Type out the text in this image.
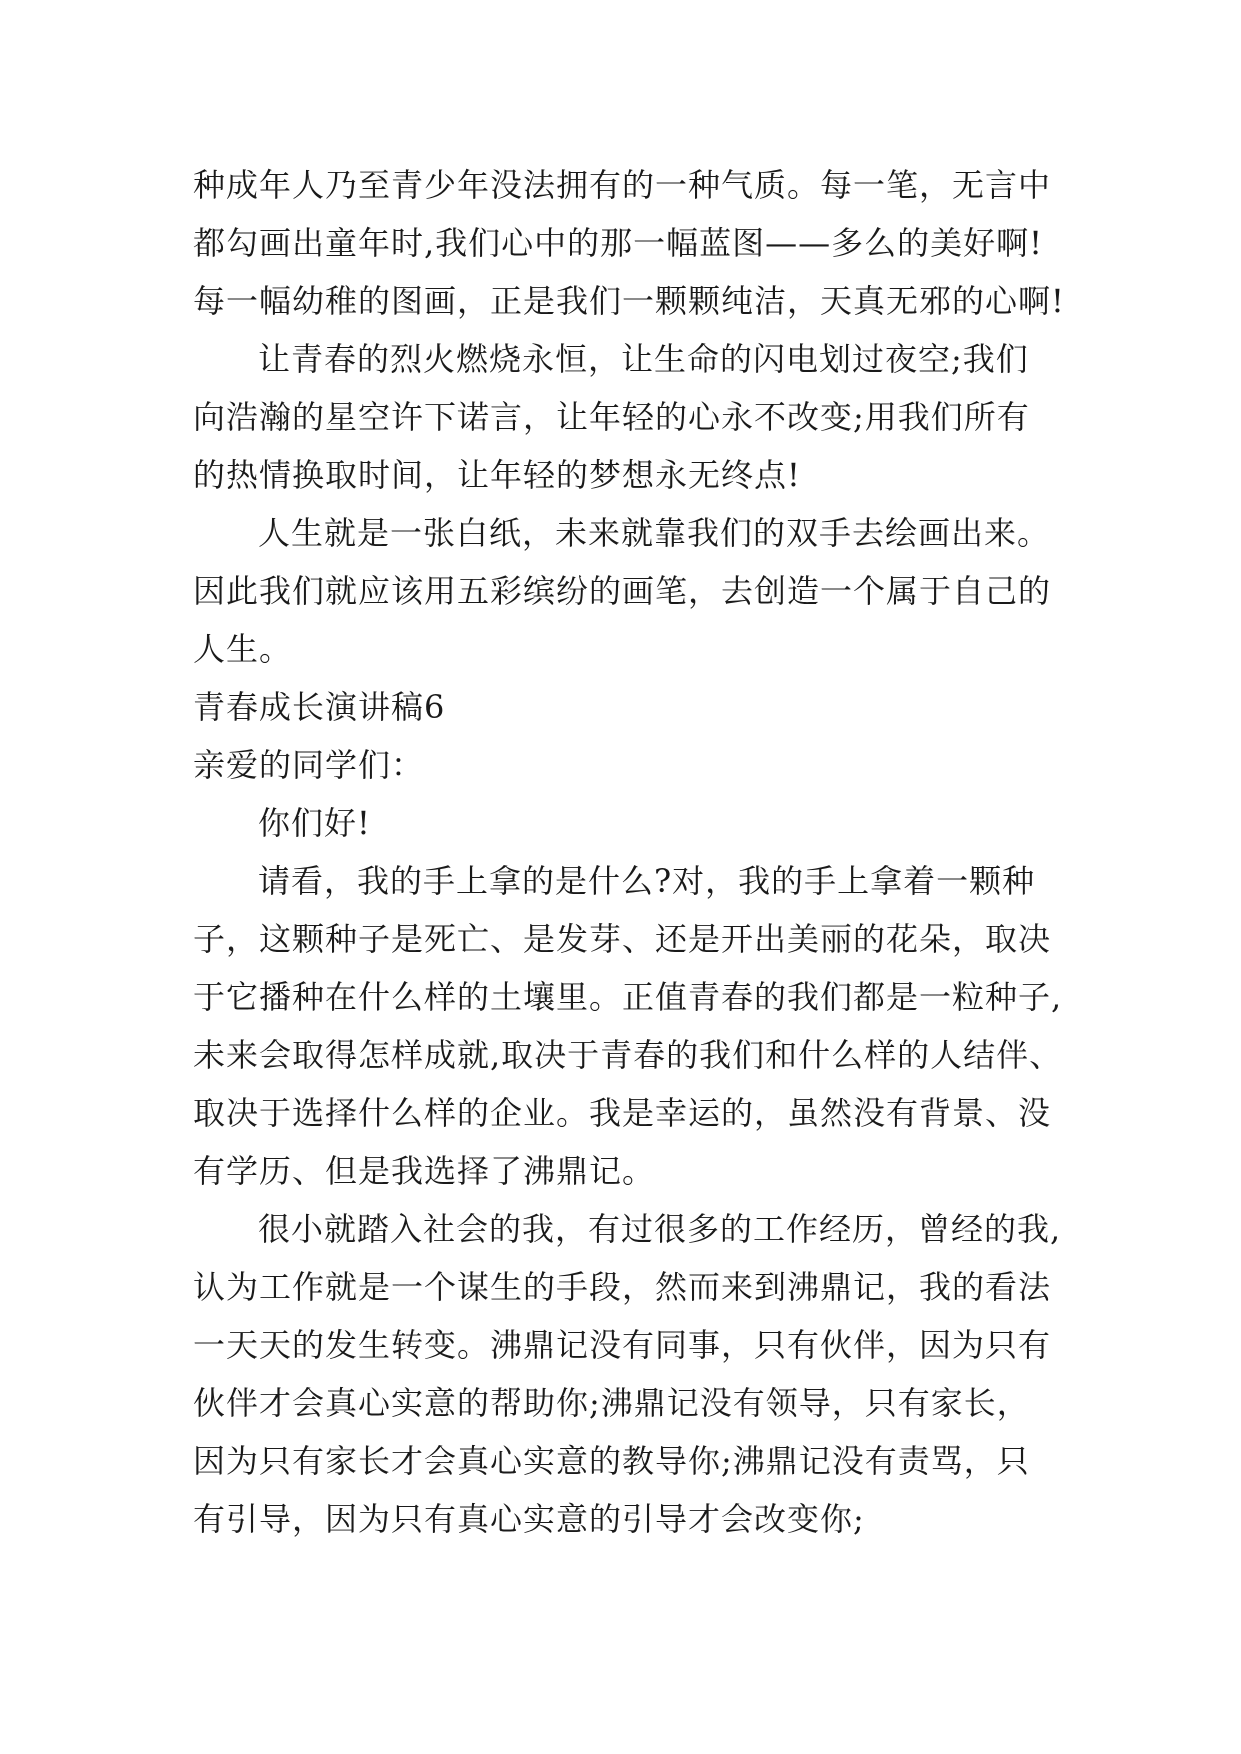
种成年人乃至青少年没法拥有的一种气质。每一笔，无言中
都勾画出童年时,我们心中的那一幅蓝图——多么的美好啊!
每一幅幼稚的图画，正是我们一颗颗纯洁，天真无邪的心啊!
让青春的烈火燃烧永恒，让生命的闪电划过夜空;我们
向浩瀚的星空许下诺言，让年轻的心永不改变;用我们所有
的热情换取时间，让年轻的梦想永无终点!
人生就是一张白纸，未来就靠我们的双手去绘画出来。
因此我们就应该用五彩缤纷的画笔，去创造一个属于自己的
人生。
青春成长演讲稿6
亲爱的同学们：
你们好!
请看，我的手上拿的是什么?对，我的手上拿着一颗种
子，这颗种子是死亡、是发芽、还是开出美丽的花朵，取决
于它播种在什么样的土壤里。正值青春的我们都是一粒种子,
未来会取得怎样成就,取决于青春的我们和什么样的人结伴、
取决于选择什么样的企业。我是幸运的，虽然没有背景、没
有学历、但是我选择了沸鼎记。
很小就踏入社会的我，有过很多的工作经历，曾经的我,
认为工作就是一个谋生的手段，然而来到沸鼎记，我的看法
一天天的发生转变。沸鼎记没有同事，只有伙伴，因为只有
伙伴才会真心实意的帮助你;沸鼎记没有领导，只有家长，
因为只有家长才会真心实意的教导你;沸鼎记没有责骂，只
有引导，因为只有真心实意的引导才会改变你;
